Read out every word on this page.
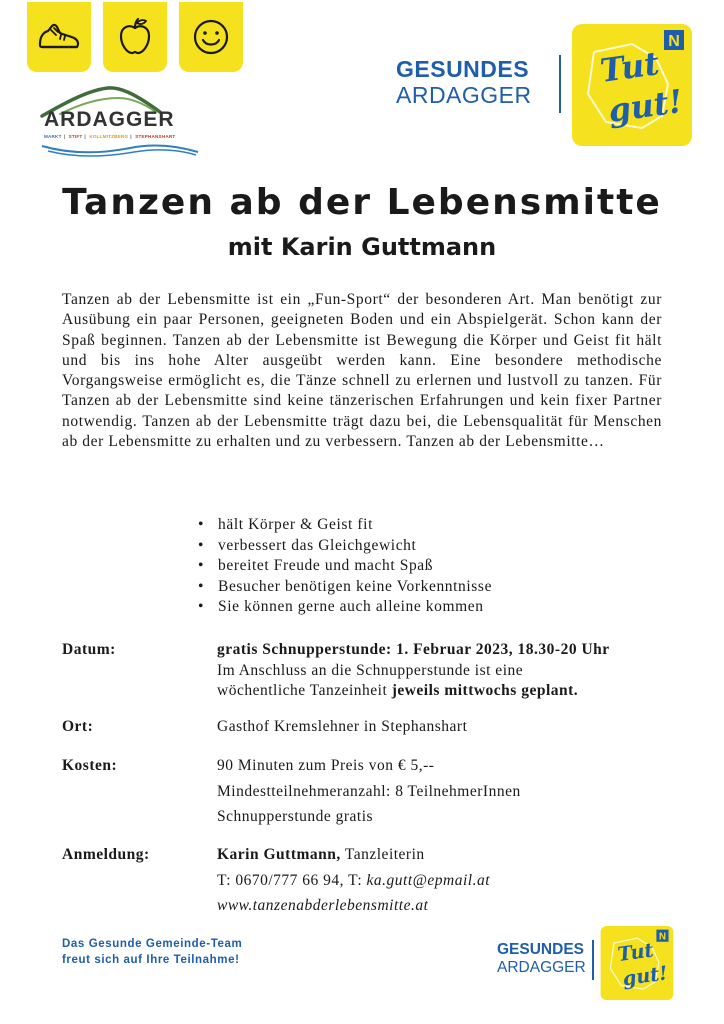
ARDAGGER
MARKT | STIFT | KOLLMITZBERG | STEPHANSHART
GESUNDES
ARDAGGER
N
Tut
gut!
Tanzen ab der Lebensmitte
mit Karin Guttmann

Tanzen ab der Lebensmitte ist ein „Fun-Sport“ der besonderen Art. Man benötigt zur Ausübung ein paar Personen, geeigneten Boden und ein Abspielgerät. Schon kann der Spaß beginnen. Tanzen ab der Lebensmitte ist Bewegung die Körper und Geist fit hält und bis ins hohe Alter ausgeübt werden kann. Eine besondere methodische Vorgangsweise ermöglicht es, die Tänze schnell zu erlernen und lustvoll zu tanzen. Für Tanzen ab der Lebensmitte sind keine tänzerischen Erfahrungen und kein fixer Partner notwendig. Tanzen ab der Lebensmitte trägt dazu bei, die Lebensqualität für Menschen ab der Lebensmitte zu erhalten und zu verbessern. Tanzen ab der Lebensmitte…

• hält Körper & Geist fit
• verbessert das Gleichgewicht
• bereitet Freude und macht Spaß
• Besucher benötigen keine Vorkenntnisse
• Sie können gerne auch alleine kommen
Datum:	gratis Schnupperstunde: 1. Februar 2023, 18.30-20 Uhr
Im Anschluss an die Schnupperstunde ist eine
wöchentliche Tanzeinheit jeweils mittwochs geplant.
Ort:	Gasthof Kremslehner in Stephanshart
Kosten:	90 Minuten zum Preis von € 5,--
Mindestteilnehmeranzahl: 8 TeilnehmerInnen
Schnupperstunde gratis
Anmeldung:	Karin Guttmann, Tanzleiterin
T: 0670/777 66 94, T: ka.gutt@epmail.at
www.tanzenabderlebensmitte.at
Das Gesunde Gemeinde-Team
freut sich auf Ihre Teilnahme!
GESUNDES
ARDAGGER
N
Tut
gut!
